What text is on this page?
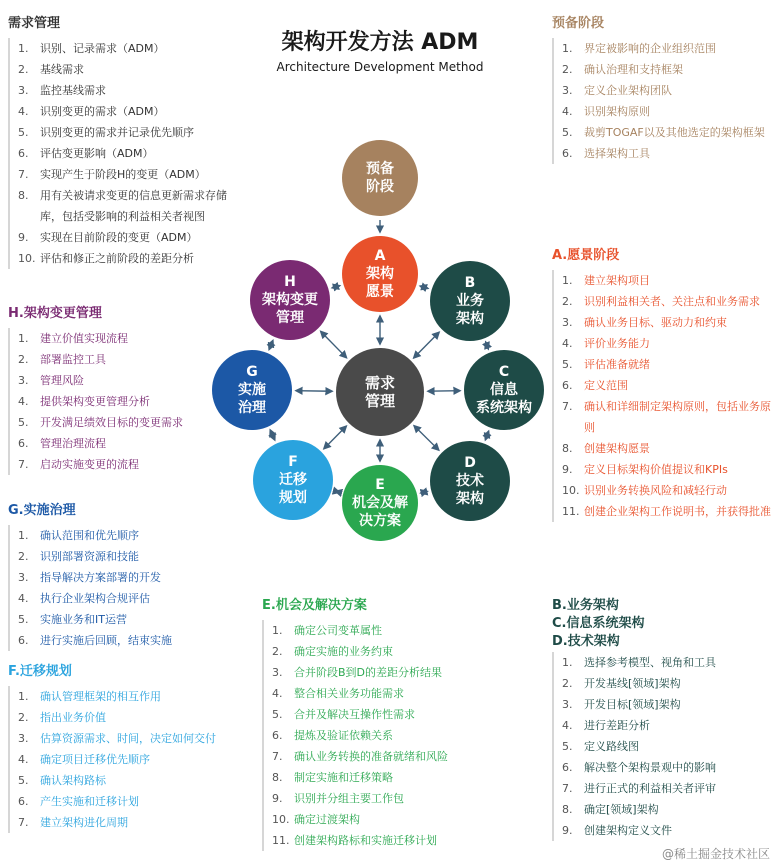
架构开发方法 ADM
Architecture Development Method
需求管理
1.	识别、记录需求（ADM）
2.	基线需求
3.	监控基线需求
4.	识别变更的需求（ADM）
5.	识别变更的需求并记录优先顺序
6.	评估变更影响（ADM）
7.	实现产生于阶段H的变更（ADM）
8.	用有关被请求变更的信息更新需求存储库，包括受影响的利益相关者视图
9.	实现在目前阶段的变更（ADM）
10. 评估和修正之前阶段的差距分析
H.架构变更管理
1.	建立价值实现流程
2.	部署监控工具
3.	管理风险
4.	提供架构变更管理分析
5.	开发满足绩效目标的变更需求
6.	管理治理流程
7.	启动实施变更的流程
G.实施治理
1.	确认范围和优先顺序
2.	识别部署资源和技能
3.	指导解决方案部署的开发
4.	执行企业架构合规评估
5.	实施业务和IT运营
6.	进行实施后回顾，结束实施
F.迁移规划
1.	确认管理框架的相互作用
2.	指出业务价值
3.	估算资源需求、时间，决定如何交付
4.	确定项目迁移优先顺序
5.	确认架构路标
6.	产生实施和迁移计划
7.	建立架构进化周期
E.机会及解决方案
1.	确定公司变革属性
2.	确定实施的业务约束
3.	合并阶段B到D的差距分析结果
4.	整合相关业务功能需求
5.	合并及解决互操作性需求
6.	提炼及验证依赖关系
7.	确认业务转换的准备就绪和风险
8.	制定实施和迁移策略
9.	识别并分组主要工作包
10. 确定过渡架构
11. 创建架构路标和实施迁移计划
预备阶段
1.	界定被影响的企业组织范围
2.	确认治理和支持框架
3.	定义企业架构团队
4.	识别架构原则
5.	裁剪TOGAF以及其他选定的架构框架
6.	选择架构工具
A.愿景阶段
1.	建立架构项目
2.	识别利益相关者、关注点和业务需求
3.	确认业务目标、驱动力和约束
4.	评价业务能力
5.	评估准备就绪
6.	定义范围
7.	确认和详细制定架构原则，包括业务原则
8.	创建架构愿景
9.	定义目标架构价值提议和KPIs
10. 识别业务转换风险和减轻行动
11. 创建企业架构工作说明书，并获得批准
B.业务架构
C.信息系统架构
D.技术架构
1.	选择参考模型、视角和工具
2.	开发基线[领域]架构
3.	开发目标[领域]架构
4.	进行差距分析
5.	定义路线图
6.	解决整个架构景观中的影响
7.	进行正式的利益相关者评审
8.	确定[领域]架构
9.	创建架构定义文件
预备
阶段
A
架构
愿景
B
业务
架构
C
信息
系统架构
D
技术
架构
E
机会及解
决方案
F
迁移
规划
G
实施
治理
H
架构变更
管理
需求
管理
@稀土掘金技术社区
